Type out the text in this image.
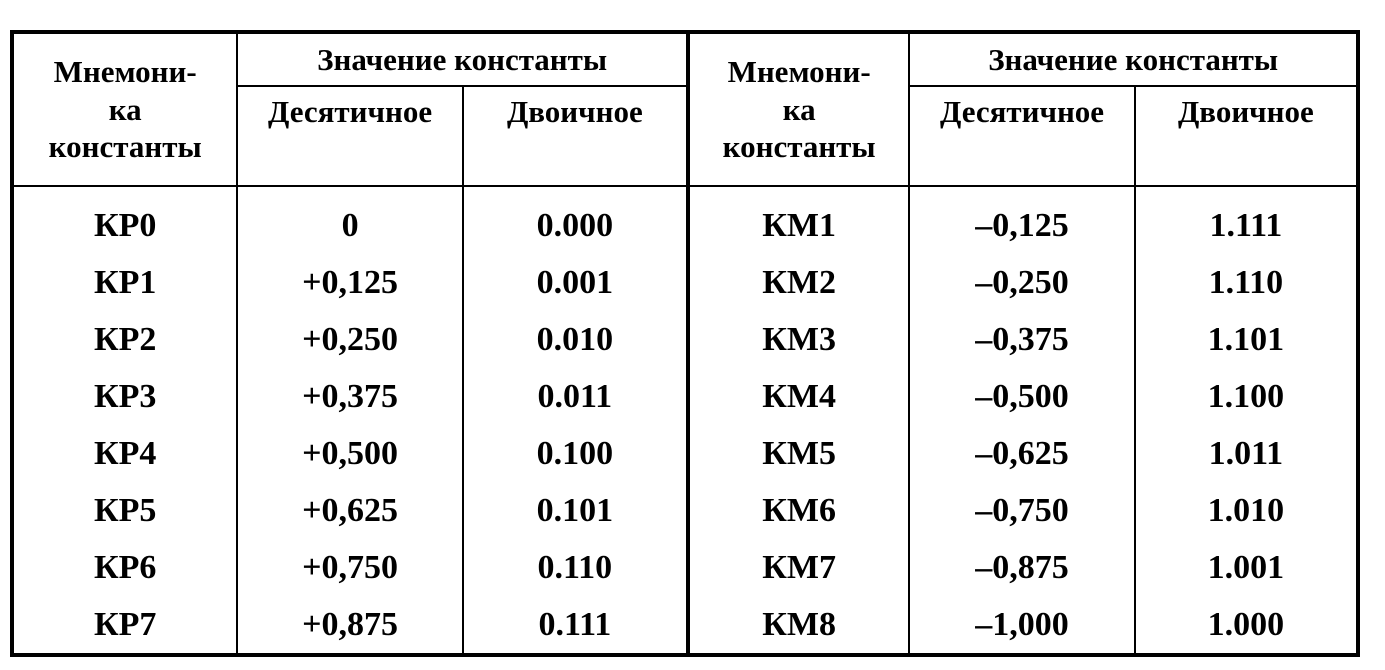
Мнемони-
ка
константы	Значение константы		Мнемони-
ка
константы	Значение константы	
	Десятичное	Двоичное		Десятичное	Двоичное
КР0	0	0.000	КМ1	–0,125	1.111
КР1	+0,125	0.001	КМ2	–0,250	1.110
КР2	+0,250	0.010	КМ3	–0,375	1.101
КР3	+0,375	0.011	КМ4	–0,500	1.100
КР4	+0,500	0.100	КМ5	–0,625	1.011
КР5	+0,625	0.101	КМ6	–0,750	1.010
КР6	+0,750	0.110	КМ7	–0,875	1.001
КР7	+0,875	0.111	КМ8	–1,000	1.000
